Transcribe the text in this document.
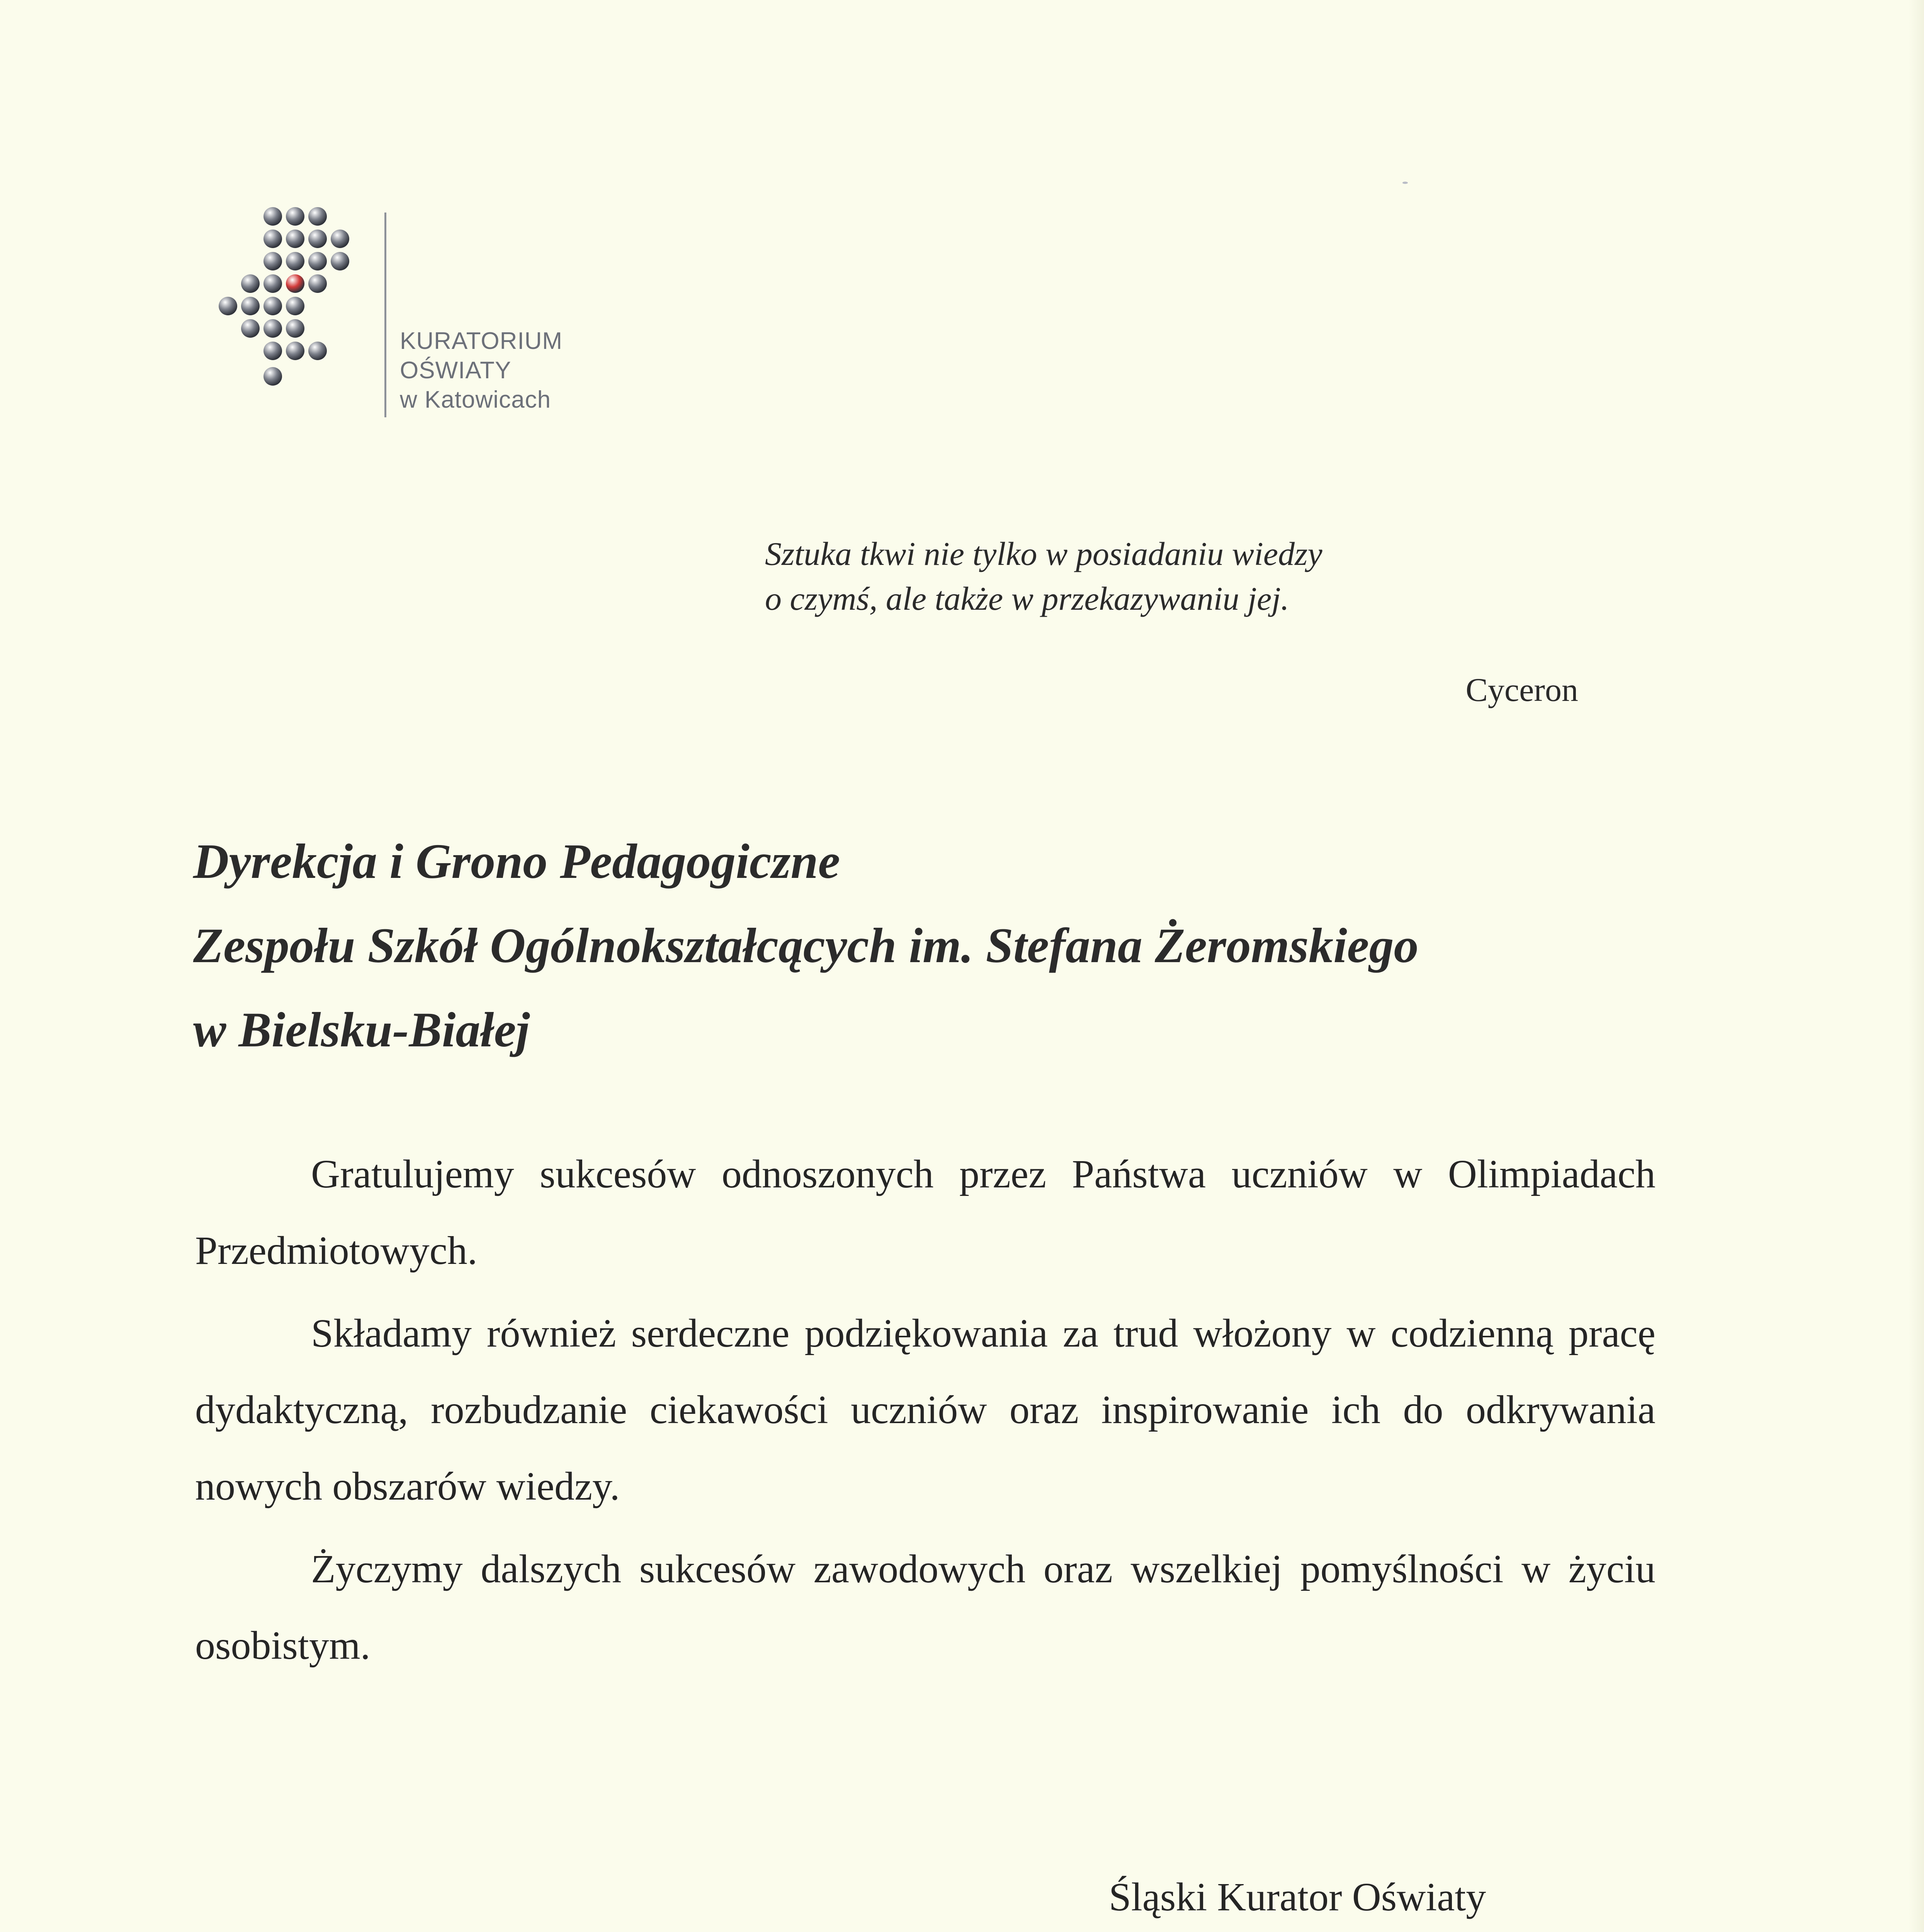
KURATORIUM
OŚWIATY
w Katowicach
Sztuka tkwi nie tylko w posiadaniu wiedzy
o czymś, ale także w przekazywaniu jej.
Cyceron
Dyrekcja i Grono Pedagogiczne
Zespołu Szkół Ogólnokształcących im. Stefana Żeromskiego
w Bielsku-Białej

Gratulujemy sukcesów odnoszonych przez Państwa uczniów w Olimpiadach Przedmiotowych.

Składamy również serdeczne podziękowania za trud włożony w codzienną pracę dydaktyczną, rozbudzanie ciekawości uczniów oraz inspirowanie ich do odkrywania nowych obszarów wiedzy.

Życzymy dalszych sukcesów zawodowych oraz wszelkiej pomyślności w życiu osobistym.

Śląski Kurator Oświaty
